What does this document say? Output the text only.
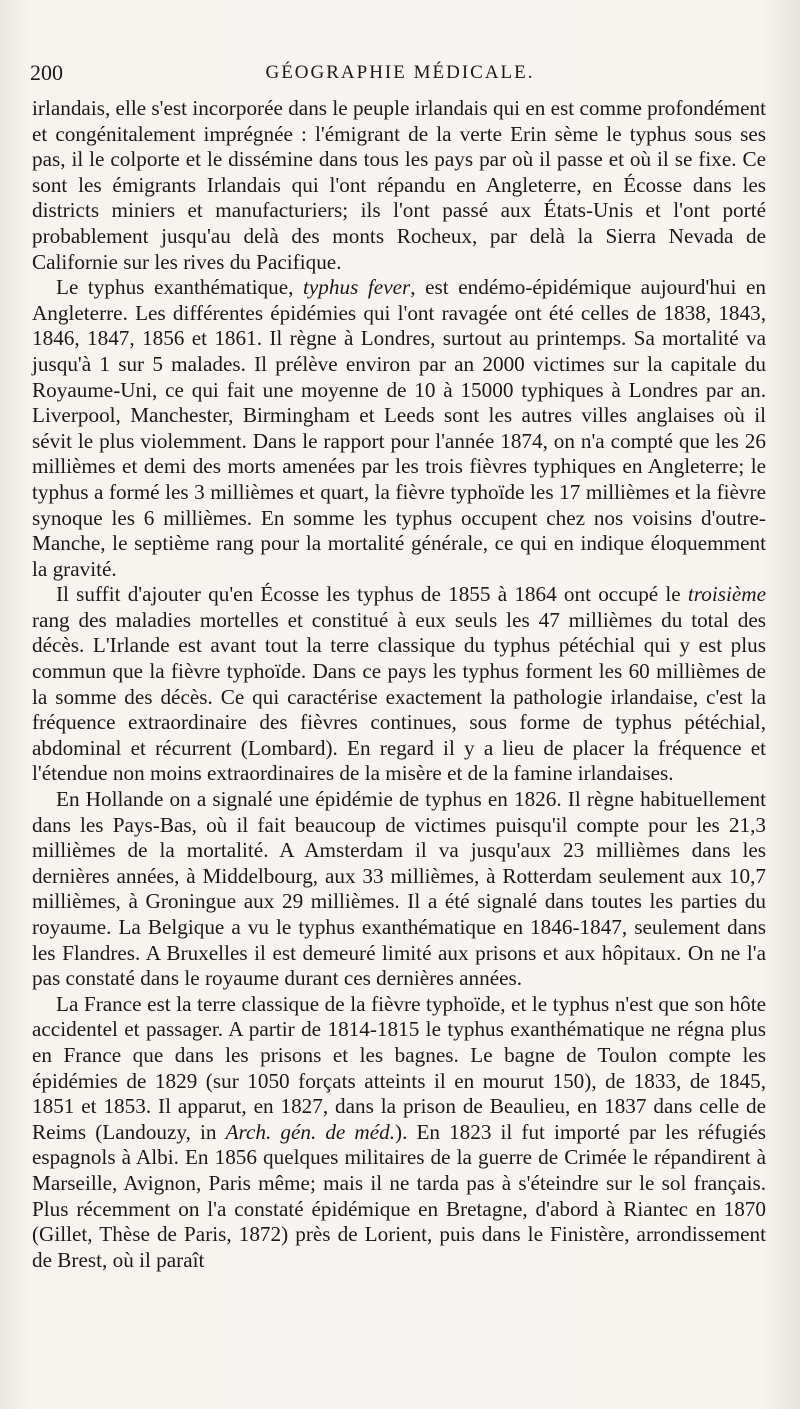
200	GÉOGRAPHIE MÉDICALE.

irlandais, elle s'est incorporée dans le peuple irlandais qui en est comme profondément et congénitalement imprégnée : l'émigrant de la verte Erin sème le typhus sous ses pas, il le colporte et le dissémine dans tous les pays par où il passe et où il se fixe. Ce sont les émigrants Irlandais qui l'ont répandu en Angleterre, en Écosse dans les districts miniers et manufacturiers; ils l'ont passé aux États-Unis et l'ont porté probablement jusqu'au delà des monts Rocheux, par delà la Sierra Nevada de Californie sur les rives du Pacifique.

Le typhus exanthématique, typhus fever, est endémo-épidémique aujourd'hui en Angleterre. Les différentes épidémies qui l'ont ravagée ont été celles de 1838, 1843, 1846, 1847, 1856 et 1861. Il règne à Londres, surtout au printemps. Sa mortalité va jusqu'à 1 sur 5 malades. Il prélève environ par an 2000 victimes sur la capitale du Royaume-Uni, ce qui fait une moyenne de 10 à 15000 typhiques à Londres par an. Liverpool, Manchester, Birmingham et Leeds sont les autres villes anglaises où il sévit le plus violemment. Dans le rapport pour l'année 1874, on n'a compté que les 26 millièmes et demi des morts amenées par les trois fièvres typhiques en Angleterre; le typhus a formé les 3 millièmes et quart, la fièvre typhoïde les 17 millièmes et la fièvre synoque les 6 millièmes. En somme les typhus occupent chez nos voisins d'outre-Manche, le septième rang pour la mortalité générale, ce qui en indique éloquemment la gravité.

Il suffit d'ajouter qu'en Écosse les typhus de 1855 à 1864 ont occupé le troisième rang des maladies mortelles et constitué à eux seuls les 47 millièmes du total des décès. L'Irlande est avant tout la terre classique du typhus pétéchial qui y est plus commun que la fièvre typhoïde. Dans ce pays les typhus forment les 60 millièmes de la somme des décès. Ce qui caractérise exactement la pathologie irlandaise, c'est la fréquence extraordinaire des fièvres continues, sous forme de typhus pétéchial, abdominal et récurrent (Lombard). En regard il y a lieu de placer la fréquence et l'étendue non moins extraordinaires de la misère et de la famine irlandaises.

En Hollande on a signalé une épidémie de typhus en 1826. Il règne habituellement dans les Pays-Bas, où il fait beaucoup de victimes puisqu'il compte pour les 21,3 millièmes de la mortalité. A Amsterdam il va jusqu'aux 23 millièmes dans les dernières années, à Middelbourg, aux 33 millièmes, à Rotterdam seulement aux 10,7 millièmes, à Groningue aux 29 millièmes. Il a été signalé dans toutes les parties du royaume. La Belgique a vu le typhus exanthématique en 1846-1847, seulement dans les Flandres. A Bruxelles il est demeuré limité aux prisons et aux hôpitaux. On ne l'a pas constaté dans le royaume durant ces dernières années.

La France est la terre classique de la fièvre typhoïde, et le typhus n'est que son hôte accidentel et passager. A partir de 1814-1815 le typhus exanthématique ne régna plus en France que dans les prisons et les bagnes. Le bagne de Toulon compte les épidémies de 1829 (sur 1050 forçats atteints il en mourut 150), de 1833, de 1845, 1851 et 1853. Il apparut, en 1827, dans la prison de Beaulieu, en 1837 dans celle de Reims (Landouzy, in Arch. gén. de méd.). En 1823 il fut importé par les réfugiés espagnols à Albi. En 1856 quelques militaires de la guerre de Crimée le répandirent à Marseille, Avignon, Paris même; mais il ne tarda pas à s'éteindre sur le sol français. Plus récemment on l'a constaté épidémique en Bretagne, d'abord à Riantec en 1870 (Gillet, Thèse de Paris, 1872) près de Lorient, puis dans le Finistère, arrondissement de Brest, où il paraît
